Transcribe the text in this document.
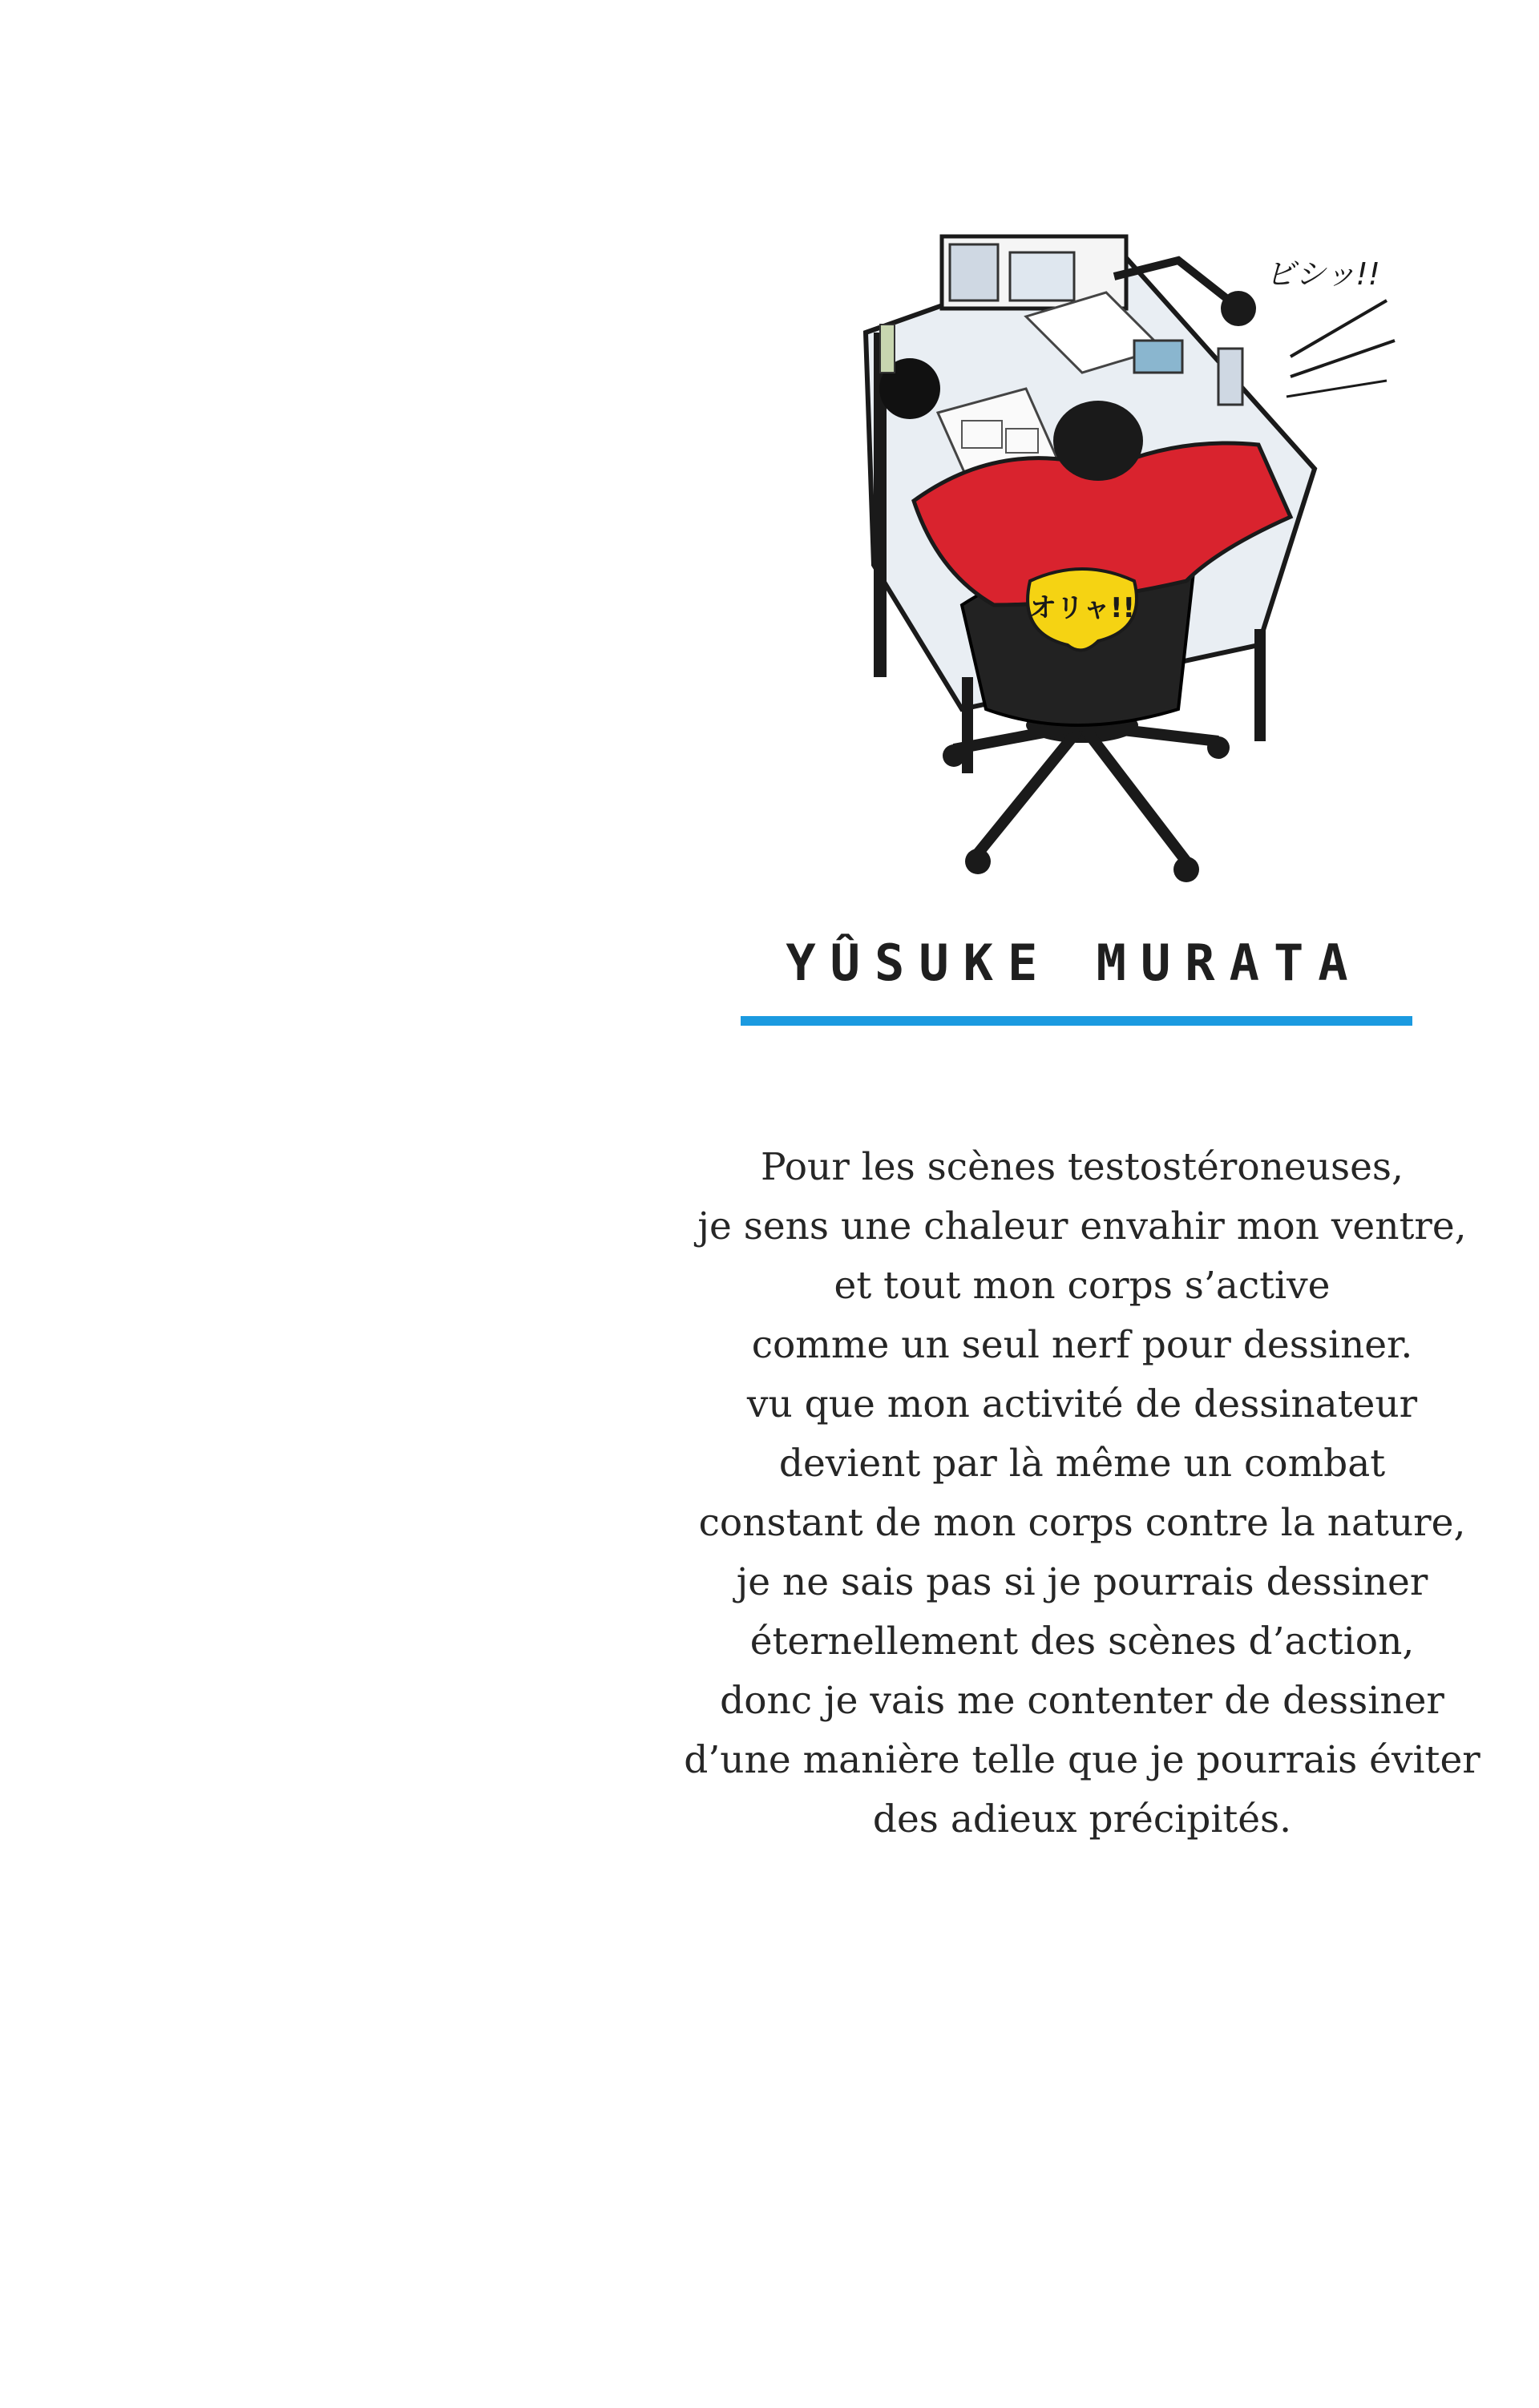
オリャ!!
ビシッ!!
YÛSUKE MURATA
Pour les scènes testostéroneuses,
je sens une chaleur envahir mon ventre,
et tout mon corps s’active
comme un seul nerf pour dessiner.
vu que mon activité de dessinateur
devient par là même un combat
constant de mon corps contre la nature,
je ne sais pas si je pourrais dessiner
éternellement des scènes d’action,
donc je vais me contenter de dessiner
d’une manière telle que je pourrais éviter
des adieux précipités.
